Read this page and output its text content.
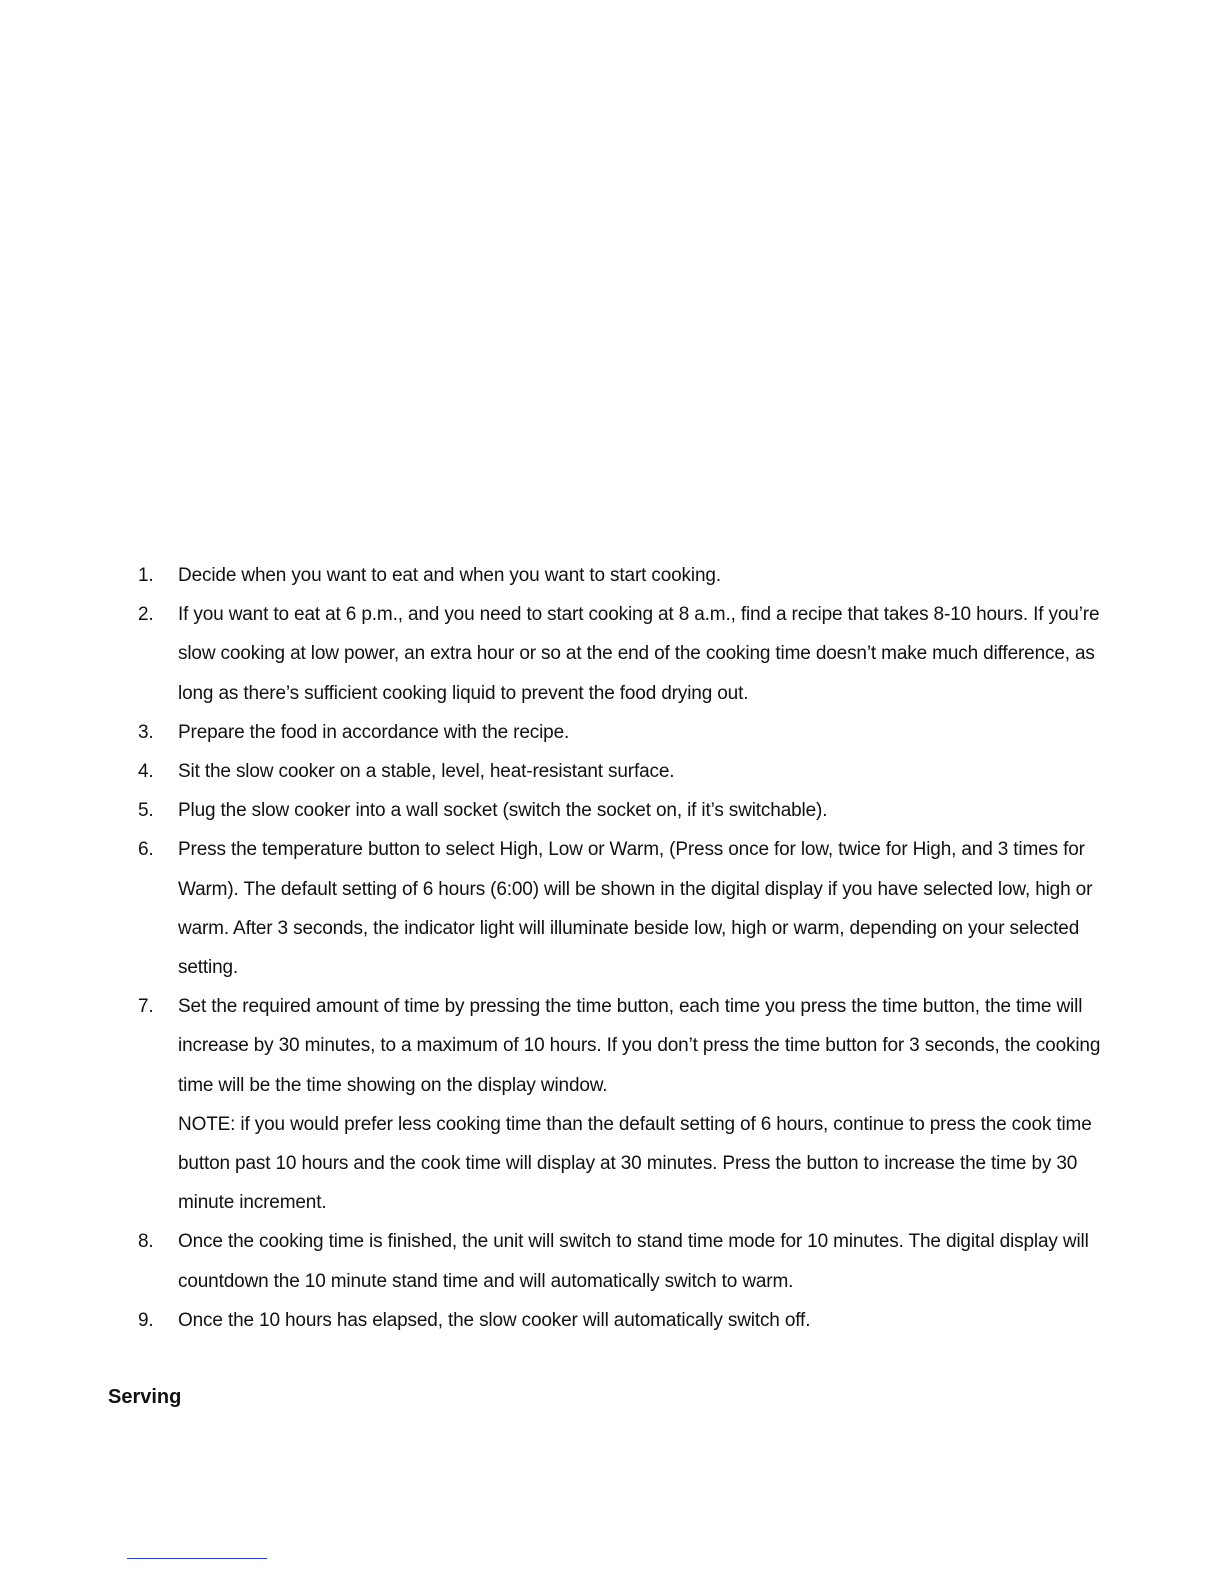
1.	Decide when you want to eat and when you want to start cooking.
2.	If you want to eat at 6 p.m., and you need to start cooking at 8 a.m., find a recipe that takes 8-10 hours. If you’re slow cooking at low power, an extra hour or so at the end of the cooking time doesn’t make much difference, as long as there’s sufficient cooking liquid to prevent the food drying out.
3.	Prepare the food in accordance with the recipe.
4.	Sit the slow cooker on a stable, level, heat-resistant surface.
5.	Plug the slow cooker into a wall socket (switch the socket on, if it’s switchable).
6.	Press the temperature button to select High, Low or Warm, (Press once for low, twice for High, and 3 times for Warm). The default setting of 6 hours (6:00) will be shown in the digital display if you have selected low, high or warm. After 3 seconds, the indicator light will illuminate beside low, high or warm, depending on your selected setting.
7.	Set the required amount of time by pressing the time button, each time you press the time button, the time will increase by 30 minutes, to a maximum of 10 hours. If you don’t press the time button for 3 seconds, the cooking time will be the time showing on the display window.
NOTE: if you would prefer less cooking time than the default setting of 6 hours, continue to press the cook time button past 10 hours and the cook time will display at 30 minutes. Press the button to increase the time by 30 minute increment.
8.	Once the cooking time is finished, the unit will switch to stand time mode for 10 minutes. The digital display will countdown the 10 minute stand time and will automatically switch to warm.
9.	Once the 10 hours has elapsed, the slow cooker will automatically switch off.
Serving
